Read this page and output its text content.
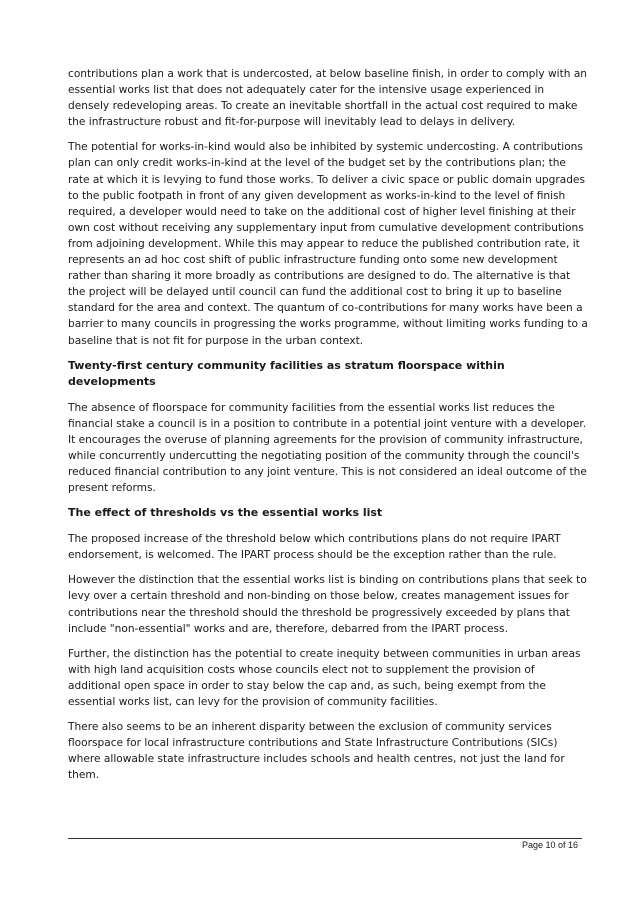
contributions plan a work that is undercosted, at below baseline finish, in order to comply with an essential works list that does not adequately cater for the intensive usage experienced in densely redeveloping areas. To create an inevitable shortfall in the actual cost required to make the infrastructure robust and fit-for-purpose will inevitably lead to delays in delivery.

The potential for works-in-kind would also be inhibited by systemic undercosting. A contributions plan can only credit works-in-kind at the level of the budget set by the contributions plan; the rate at which it is levying to fund those works. To deliver a civic space or public domain upgrades to the public footpath in front of any given development as works-in-kind to the level of finish required, a developer would need to take on the additional cost of higher level finishing at their own cost without receiving any supplementary input from cumulative development contributions from adjoining development. While this may appear to reduce the published contribution rate, it represents an ad hoc cost shift of public infrastructure funding onto some new development rather than sharing it more broadly as contributions are designed to do. The alternative is that the project will be delayed until council can fund the additional cost to bring it up to baseline standard for the area and context. The quantum of co-contributions for many works have been a barrier to many councils in progressing the works programme, without limiting works funding to a baseline that is not fit for purpose in the urban context.

Twenty-first century community facilities as stratum floorspace within developments

The absence of floorspace for community facilities from the essential works list reduces the financial stake a council is in a position to contribute in a potential joint venture with a developer. It encourages the overuse of planning agreements for the provision of community infrastructure, while concurrently undercutting the negotiating position of the community through the council's reduced financial contribution to any joint venture. This is not considered an ideal outcome of the present reforms.

The effect of thresholds vs the essential works list

The proposed increase of the threshold below which contributions plans do not require IPART endorsement, is welcomed. The IPART process should be the exception rather than the rule.

However the distinction that the essential works list is binding on contributions plans that seek to levy over a certain threshold and non-binding on those below, creates management issues for contributions near the threshold should the threshold be progressively exceeded by plans that include "non-essential" works and are, therefore, debarred from the IPART process.

Further, the distinction has the potential to create inequity between communities in urban areas with high land acquisition costs whose councils elect not to supplement the provision of additional open space in order to stay below the cap and, as such, being exempt from the essential works list, can levy for the provision of community facilities.

There also seems to be an inherent disparity between the exclusion of community services floorspace for local infrastructure contributions and State Infrastructure Contributions (SICs) where allowable state infrastructure includes schools and health centres, not just the land for them.

Page 10 of 16
